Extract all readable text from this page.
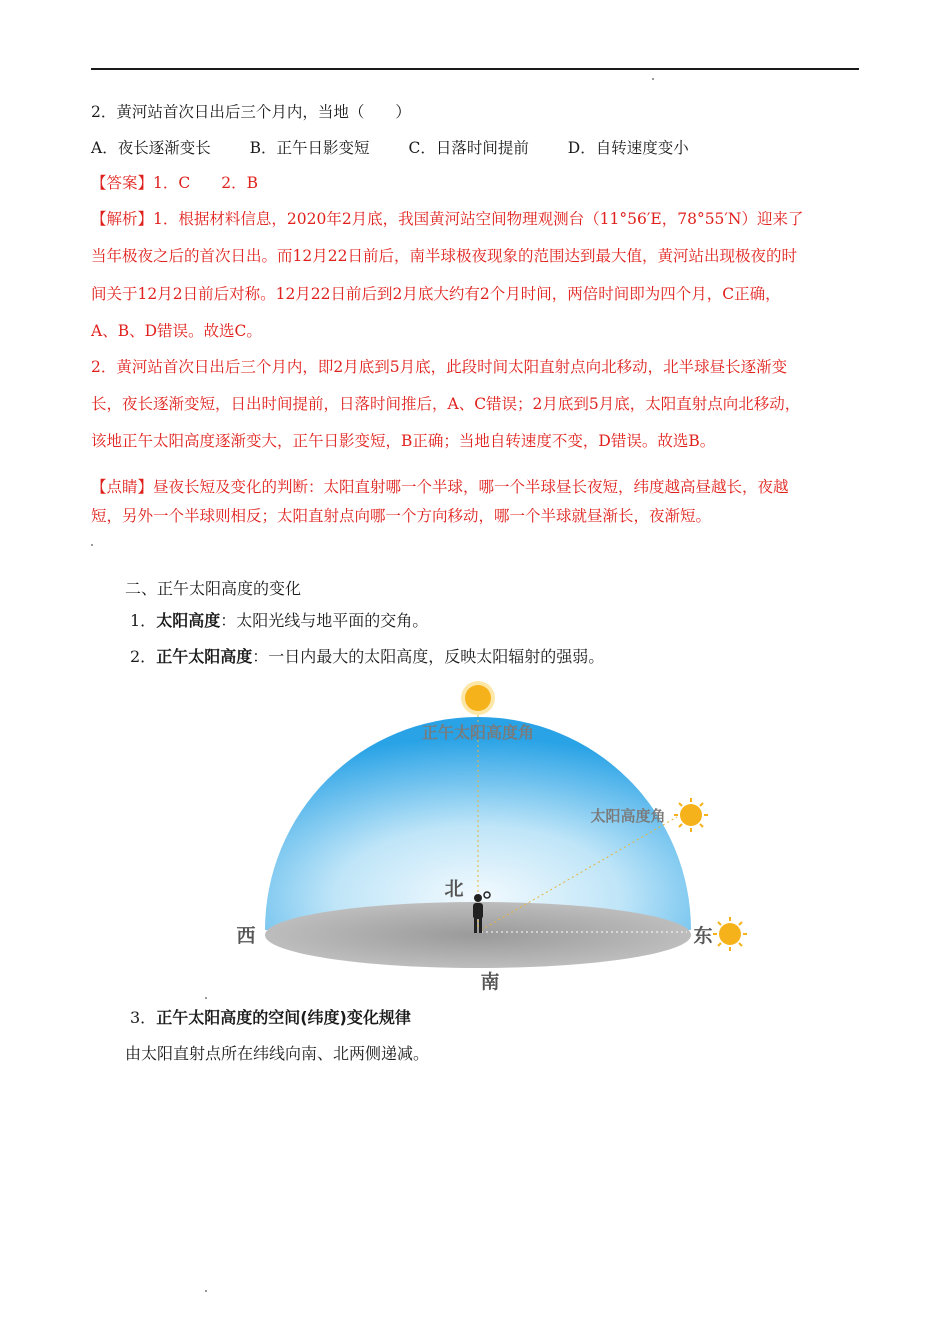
2．黄河站首次日出后三个月内，当地（　　）
A．夜长逐渐变长	B．正午日影变短	C．日落时间提前	D．自转速度变小
【答案】1．C　　2．B
【解析】1．根据材料信息，2020年2月底，我国黄河站空间物理观测台（11°56′E，78°55′N）迎来了
当年极夜之后的首次日出。而12月22日前后，南半球极夜现象的范围达到最大值，黄河站出现极夜的时
间关于12月2日前后对称。12月22日前后到2月底大约有2个月时间，两倍时间即为四个月，C正确，
A、B、D错误。故选C。
2．黄河站首次日出后三个月内，即2月底到5月底，此段时间太阳直射点向北移动，北半球昼长逐渐变
长，夜长逐渐变短，日出时间提前，日落时间推后，A、C错误；2月底到5月底，太阳直射点向北移动，
该地正午太阳高度逐渐变大，正午日影变短，B正确；当地自转速度不变，D错误。故选B。
【点睛】昼夜长短及变化的判断：太阳直射哪一个半球，哪一个半球昼长夜短，纬度越高昼越长，夜越
短，另外一个半球则相反；太阳直射点向哪一个方向移动，哪一个半球就昼渐长，夜渐短。
二、正午太阳高度的变化
1．太阳高度：太阳光线与地平面的交角。
2．正午太阳高度：一日内最大的太阳高度，反映太阳辐射的强弱。
正午太阳高度角
太阳高度角
北
南
西	东
3．正午太阳高度的空间(纬度)变化规律
由太阳直射点所在纬线向南、北两侧递减。
